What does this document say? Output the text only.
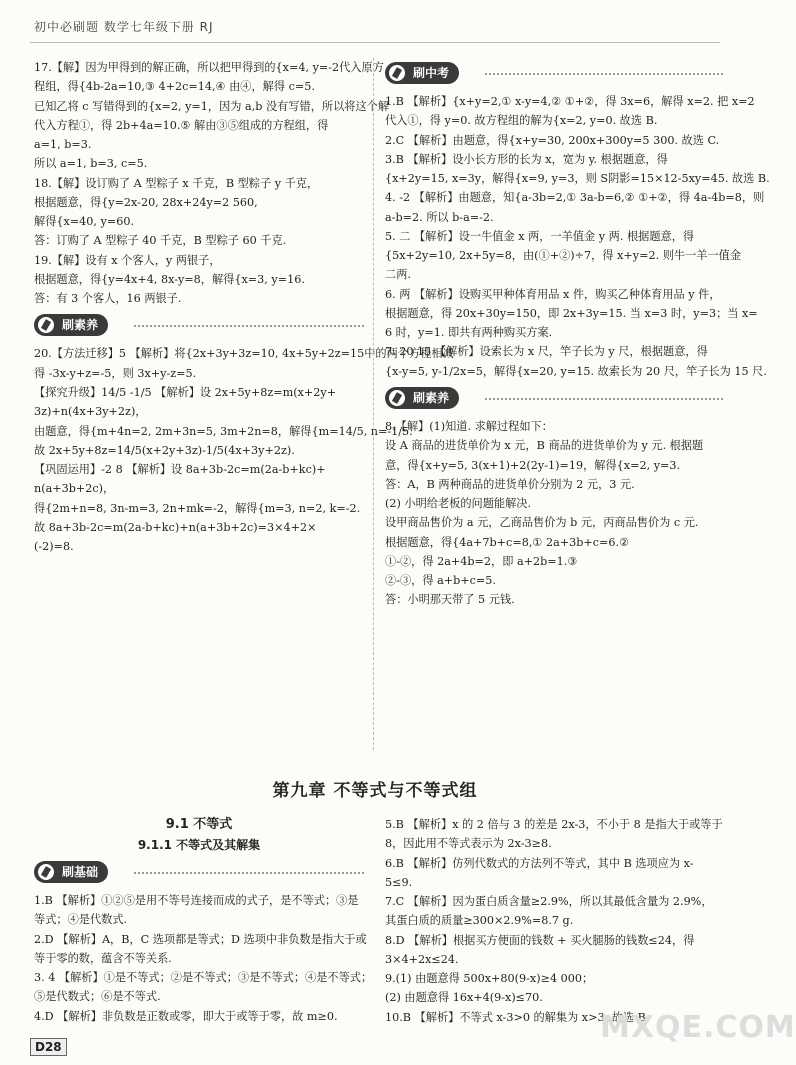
初中必刷题 数学七年级下册 RJ
17.【解】因为甲得到的解正确，所以把甲得到的{x=4, y=-2代入原方
程组，得{4b-2a=10,③ 4+2c=14,④ 由④，解得 c=5.
已知乙将 c 写错得到的{x=2, y=1，因为 a,b 没有写错，所以将这个解
代入方程①，得 2b+4a=10.⑤ 解由③⑤组成的方程组，得
a=1, b=3.
所以 a=1, b=3, c=5.
18.【解】设订购了 A 型粽子 x 千克，B 型粽子 y 千克，
根据题意，得{y=2x-20, 28x+24y=2 560,
解得{x=40, y=60.
答：订购了 A 型粽子 40 千克，B 型粽子 60 千克.
19.【解】设有 x 个客人，y 两银子，
根据题意，得{y=4x+4, 8x-y=8，解得{x=3, y=16.
答：有 3 个客人，16 两银子.
刷素养
20.【方法迁移】5 【解析】将{2x+3y+3z=10, 4x+5y+2z=15中的两个方程相减
得 -3x-y+z=-5，则 3x+y-z=5.
【探究升级】14/5 -1/5 【解析】设 2x+5y+8z=m(x+2y+
3z)+n(4x+3y+2z)，
由题意，得{m+4n=2, 2m+3n=5, 3m+2n=8，解得{m=14/5, n=-1/5.
故 2x+5y+8z=14/5(x+2y+3z)-1/5(4x+3y+2z).
【巩固运用】-2 8 【解析】设 8a+3b-2c=m(2a-b+kc)+
n(a+3b+2c)，
得{2m+n=8, 3n-m=3, 2n+mk=-2，解得{m=3, n=2, k=-2.
故 8a+3b-2c=m(2a-b+kc)+n(a+3b+2c)=3×4+2×
(-2)=8.
刷中考
1.B 【解析】{x+y=2,① x-y=4,② ①+②，得 3x=6，解得 x=2. 把 x=2
代入①，得 y=0. 故方程组的解为{x=2, y=0. 故选 B.
2.C 【解析】由题意，得{x+y=30, 200x+300y=5 300. 故选 C.
3.B 【解析】设小长方形的长为 x，宽为 y. 根据题意，得
{x+2y=15, x=3y，解得{x=9, y=3，则 S阴影=15×12-5xy=45. 故选 B.
4. -2 【解析】由题意，知{a-3b=2,① 3a-b=6,② ①+②，得 4a-4b=8，则
a-b=2. 所以 b-a=-2.
5. 二 【解析】设一牛值金 x 两，一羊值金 y 两. 根据题意，得
{5x+2y=10, 2x+5y=8，由(①+②)÷7，得 x+y=2. 则牛一羊一值金
二两.
6. 两 【解析】设购买甲种体育用品 x 件，购买乙种体育用品 y 件，
根据题意，得 20x+30y=150，即 2x+3y=15. 当 x=3 时，y=3；当 x=
6 时，y=1. 即共有两种购买方案.
7. 20 15 【解析】设索长为 x 尺，竿子长为 y 尺，根据题意，得
{x-y=5, y-1/2x=5，解得{x=20, y=15. 故索长为 20 尺，竿子长为 15 尺.
刷素养
8.【解】(1)知道. 求解过程如下：
设 A 商品的进货单价为 x 元，B 商品的进货单价为 y 元. 根据题
意，得{x+y=5, 3(x+1)+2(2y-1)=19，解得{x=2, y=3.
答：A，B 两种商品的进货单价分别为 2 元，3 元.
(2) 小明给老板的问题能解决.
设甲商品售价为 a 元，乙商品售价为 b 元，丙商品售价为 c 元.
根据题意，得{4a+7b+c=8,① 2a+3b+c=6.②
①-②，得 2a+4b=2，即 a+2b=1.③
②-③，得 a+b+c=5.
答：小明那天带了 5 元钱.
第九章 不等式与不等式组
9.1 不等式
9.1.1 不等式及其解集
刷基础
1.B 【解析】①②⑤是用不等号连接而成的式子，是不等式；③是
等式；④是代数式.
2.D 【解析】A，B，C 选项都是等式；D 选项中非负数是指大于或
等于零的数，蕴含不等关系.
3. 4 【解析】①是不等式；②是不等式；③是不等式；④是不等式；
⑤是代数式；⑥是不等式.
4.D 【解析】非负数是正数或零，即大于或等于零，故 m≥0.
5.B 【解析】x 的 2 倍与 3 的差是 2x-3，不小于 8 是指大于或等于
8，因此用不等式表示为 2x-3≥8.
6.B 【解析】仿列代数式的方法列不等式，其中 B 选项应为 x-
5≤9.
7.C 【解析】因为蛋白质含量≥2.9%，所以其最低含量为 2.9%，
其蛋白质的质量≥300×2.9%=8.7 g.
8.D 【解析】根据买方便面的钱数 + 买火腿肠的钱数≤24，得
3×4+2x≤24.
9.(1) 由题意得 500x+80(9-x)≥4 000；
(2) 由题意得 16x+4(9-x)≤70.
10.B 【解析】不等式 x-3>0 的解集为 x>3. 故选 B.
D28
MXQE.COM
